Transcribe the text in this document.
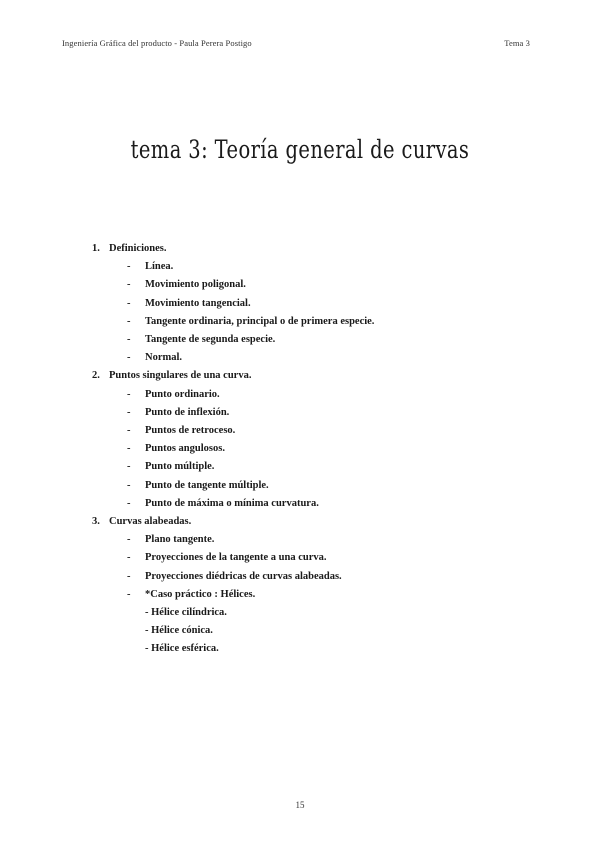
Ingeniería Gráfica del producto - Paula Perera Postigo	Tema 3
tema 3: Teoría general de curvas
1. Definiciones.
-	Línea.
-	Movimiento poligonal.
-	Movimiento tangencial.
-	Tangente ordinaria, principal o de primera especie.
-	Tangente de segunda especie.
-	Normal.
2. Puntos singulares de una curva.
-	Punto ordinario.
-	Punto de inflexión.
-	Puntos de retroceso.
-	Puntos angulosos.
-	Punto múltiple.
-	Punto de tangente múltiple.
-	Punto de máxima o mínima curvatura.
3. Curvas alabeadas.
-	Plano tangente.
-	Proyecciones de la tangente a una curva.
-	Proyecciones diédricas de curvas alabeadas.
-	*Caso práctico : Hélices.
- Hélice cilíndrica.
- Hélice cónica.
- Hélice esférica.
15
